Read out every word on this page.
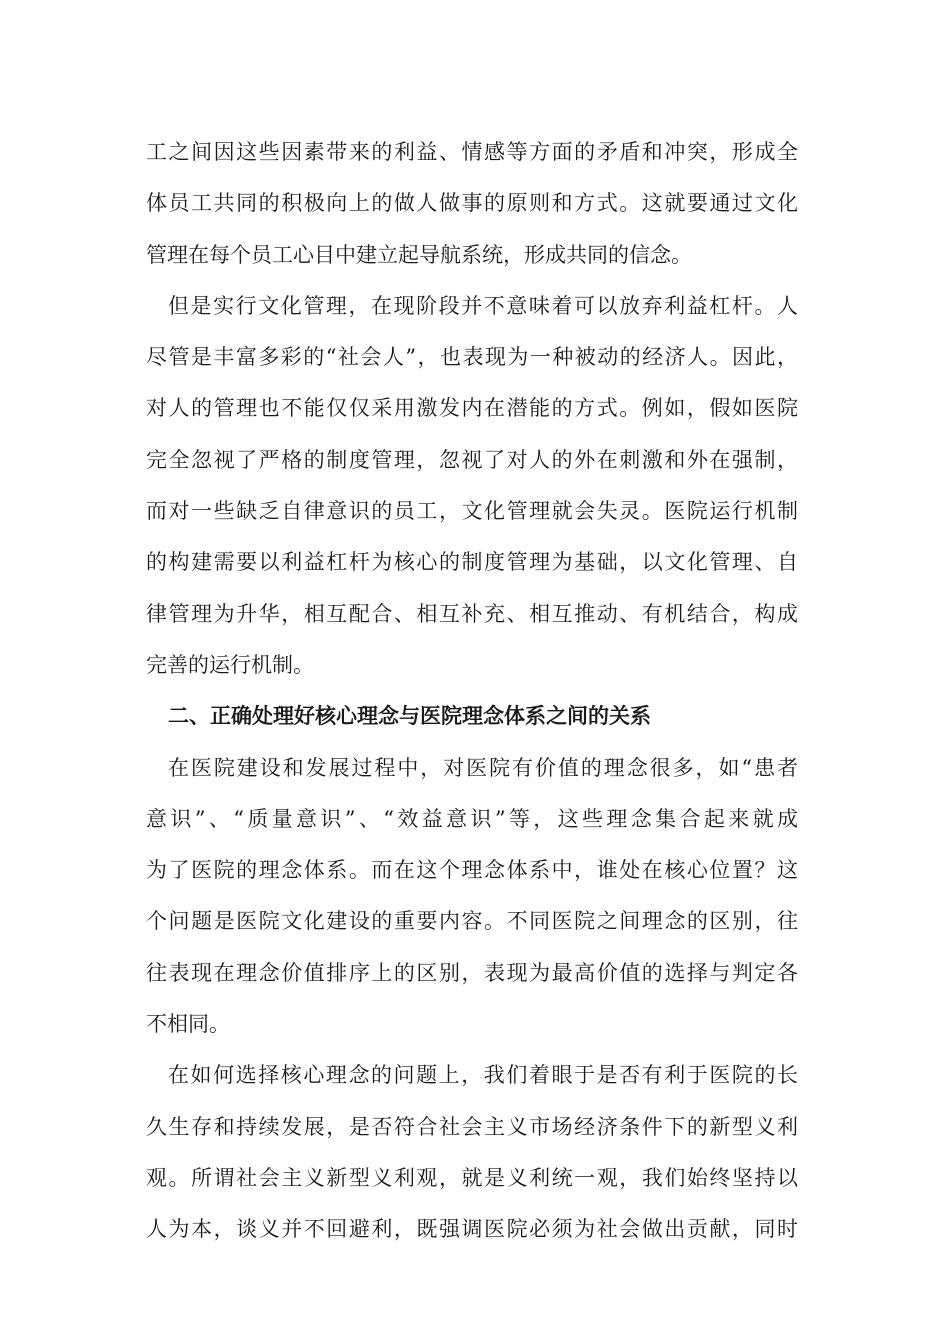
工之间因这些因素带来的利益、情感等方面的矛盾和冲突，形成全
体员工共同的积极向上的做人做事的原则和方式。这就要通过文化
管理在每个员工心目中建立起导航系统，形成共同的信念。
但是实行文化管理，在现阶段并不意味着可以放弃利益杠杆。人
尽管是丰富多彩的“社会人”，也表现为一种被动的经济人。因此，
对人的管理也不能仅仅采用激发内在潜能的方式。例如，假如医院
完全忽视了严格的制度管理，忽视了对人的外在刺激和外在强制，
而对一些缺乏自律意识的员工，文化管理就会失灵。医院运行机制
的构建需要以利益杠杆为核心的制度管理为基础，以文化管理、自
律管理为升华，相互配合、相互补充、相互推动、有机结合，构成
完善的运行机制。
二、正确处理好核心理念与医院理念体系之间的关系
在医院建设和发展过程中，对医院有价值的理念很多，如“患者
意识”、“质量意识”、“效益意识”等，这些理念集合起来就成
为了医院的理念体系。而在这个理念体系中，谁处在核心位置？这
个问题是医院文化建设的重要内容。不同医院之间理念的区别，往
往表现在理念价值排序上的区别，表现为最高价值的选择与判定各
不相同。
在如何选择核心理念的问题上，我们着眼于是否有利于医院的长
久生存和持续发展，是否符合社会主义市场经济条件下的新型义利
观。所谓社会主义新型义利观，就是义利统一观，我们始终坚持以
人为本，谈义并不回避利，既强调医院必须为社会做出贡献，同时
